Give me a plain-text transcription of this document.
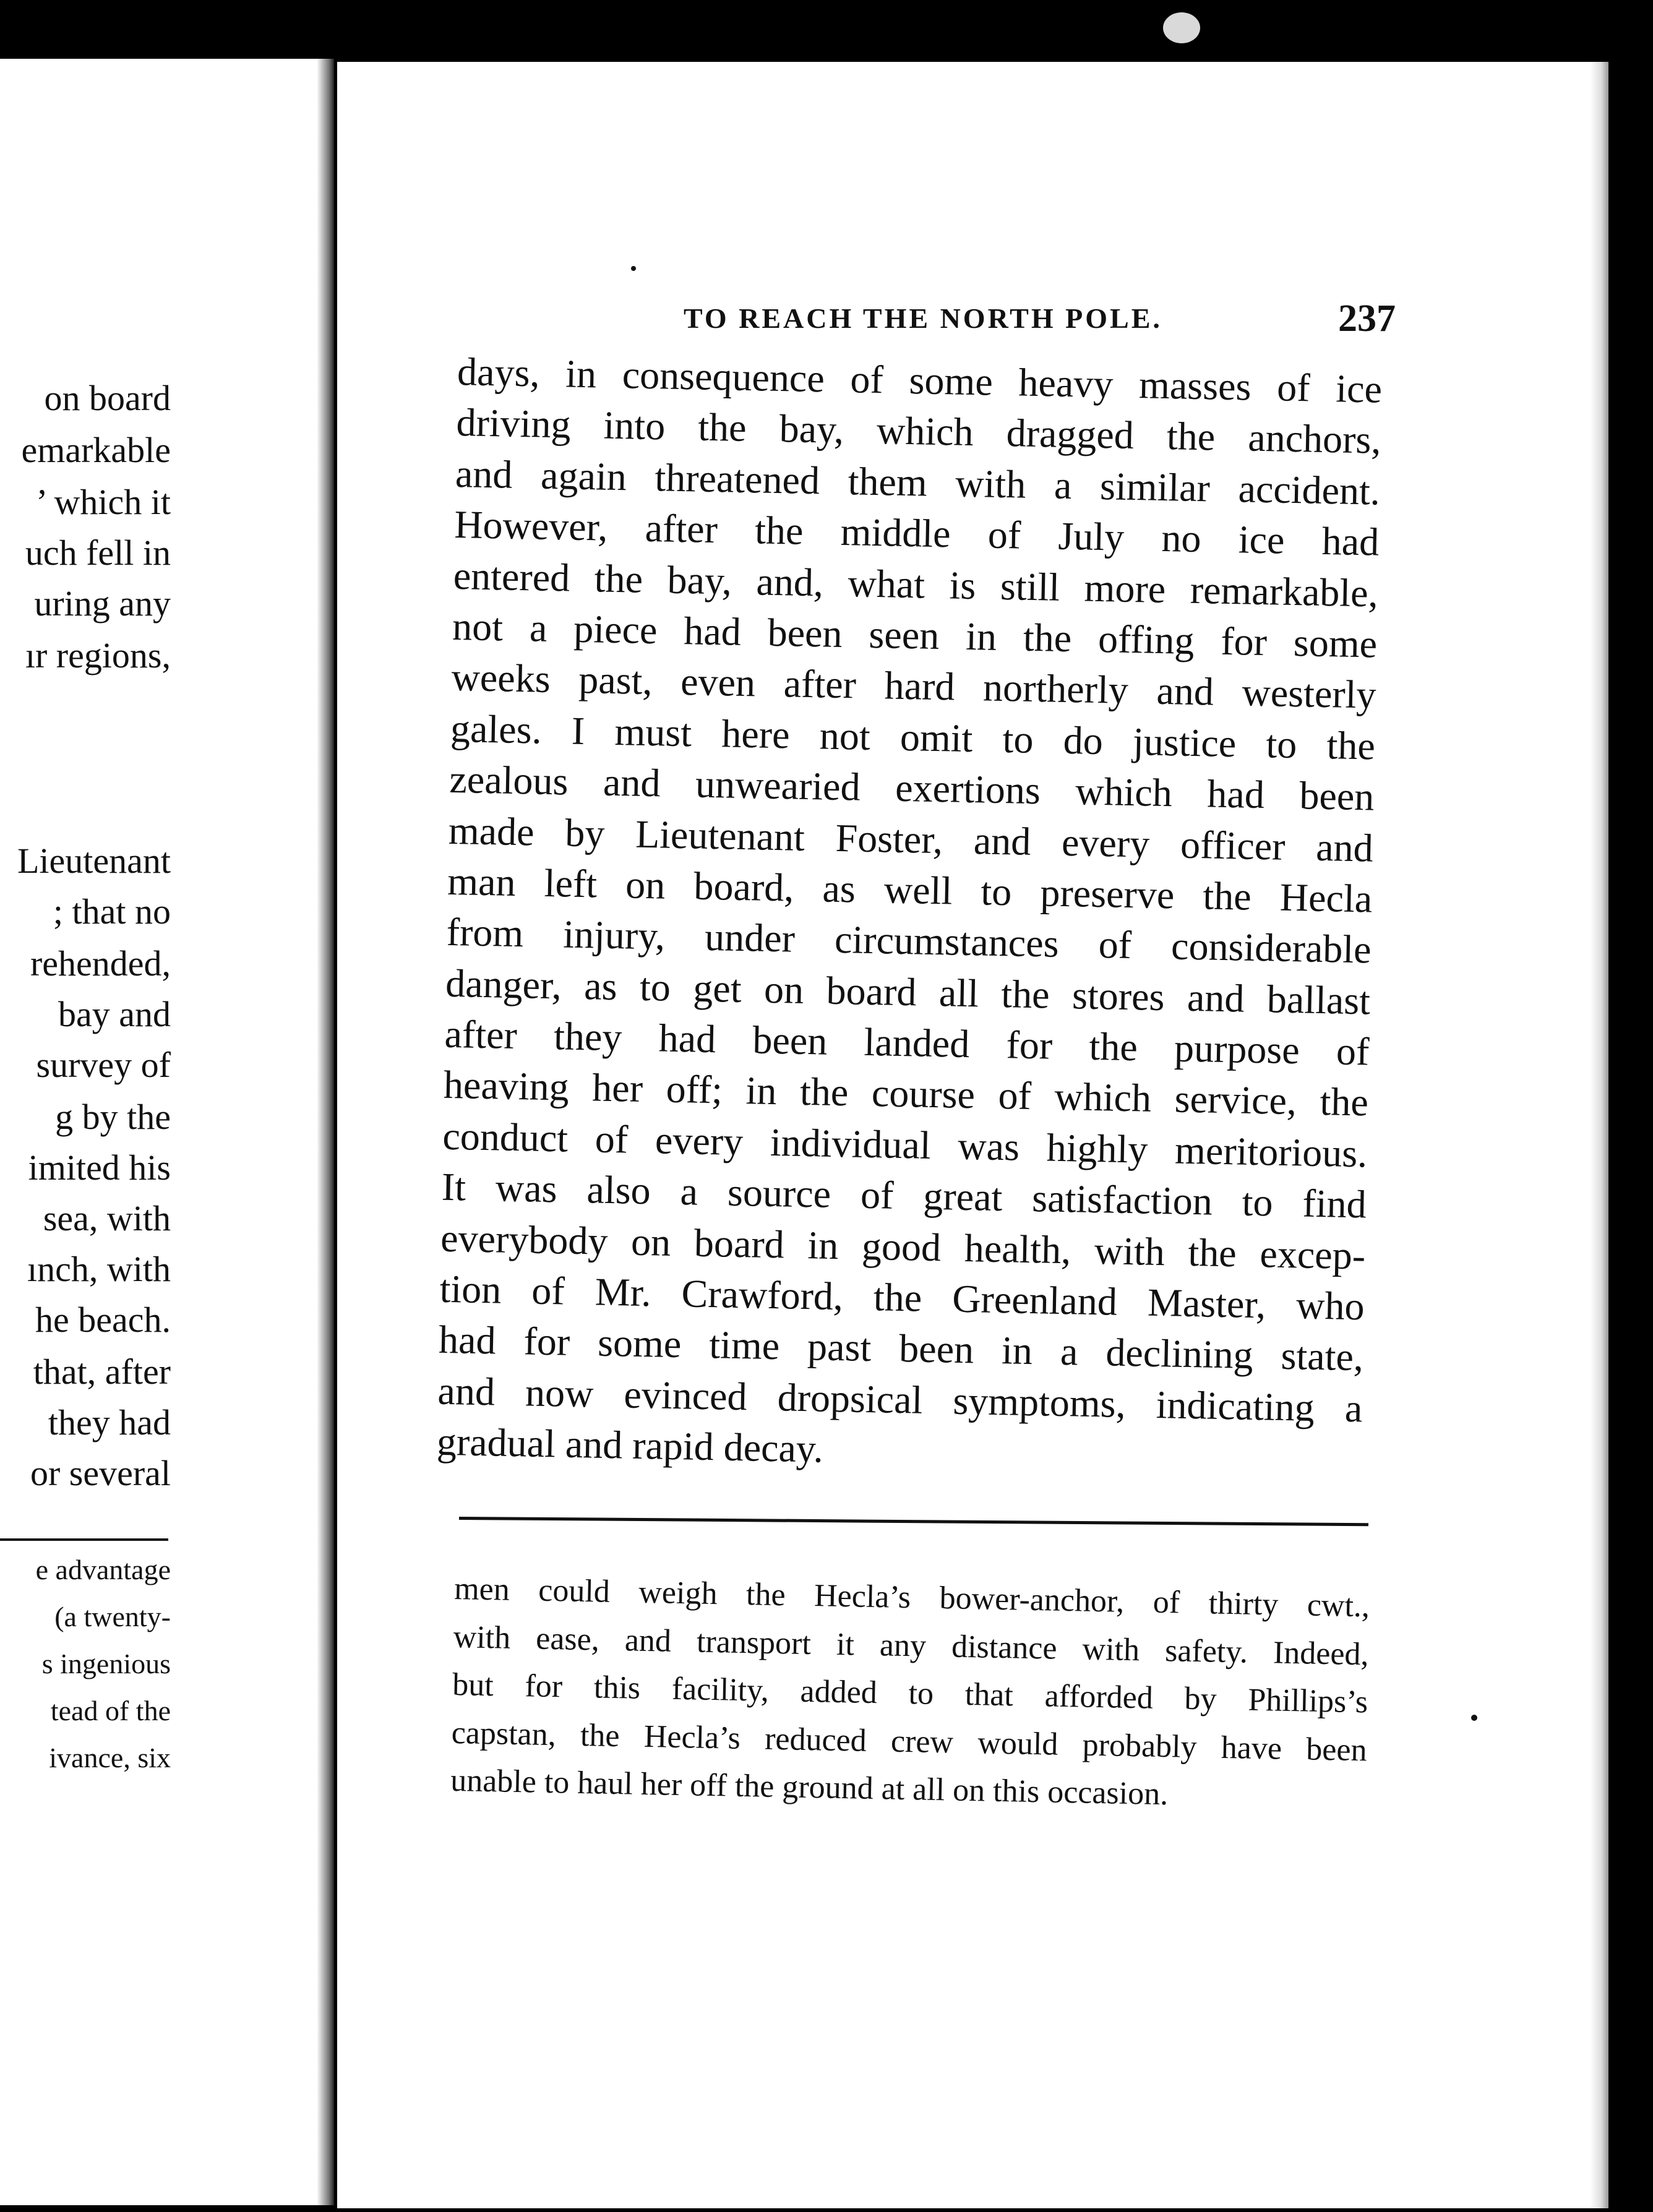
on board
emarkable
’ which it
uch fell in
uring any
ır regions,
Lieutenant
; that no
rehended,
bay and
survey of
g by the
imited his
sea, with
ınch, with
he beach.
that, after
they had
or several
e advantage
(a twenty-
s ingenious
tead of the
ivance, six
TO REACH THE NORTH POLE.	237
days, in consequence of some heavy masses of ice
driving into the bay, which dragged the anchors,
and again threatened them with a similar accident.
However, after the middle of July no ice had
entered the bay, and, what is still more remarkable,
not a piece had been seen in the offing for some
weeks past, even after hard northerly and westerly
gales. I must here not omit to do justice to the
zealous and unwearied exertions which had been
made by Lieutenant Foster, and every officer and
man left on board, as well to preserve the Hecla
from injury, under circumstances of considerable
danger, as to get on board all the stores and ballast
after they had been landed for the purpose of
heaving her off; in the course of which service, the
conduct of every individual was highly meritorious.
It was also a source of great satisfaction to find
everybody on board in good health, with the excep-
tion of Mr. Crawford, the Greenland Master, who
had for some time past been in a declining state,
and now evinced dropsical symptoms, indicating a
gradual and rapid decay.
men could weigh the Hecla’s bower-anchor, of thirty cwt.,
with ease, and transport it any distance with safety. Indeed,
but for this facility, added to that afforded by Phillips’s
capstan, the Hecla’s reduced crew would probably have been
unable to haul her off the ground at all on this occasion.
